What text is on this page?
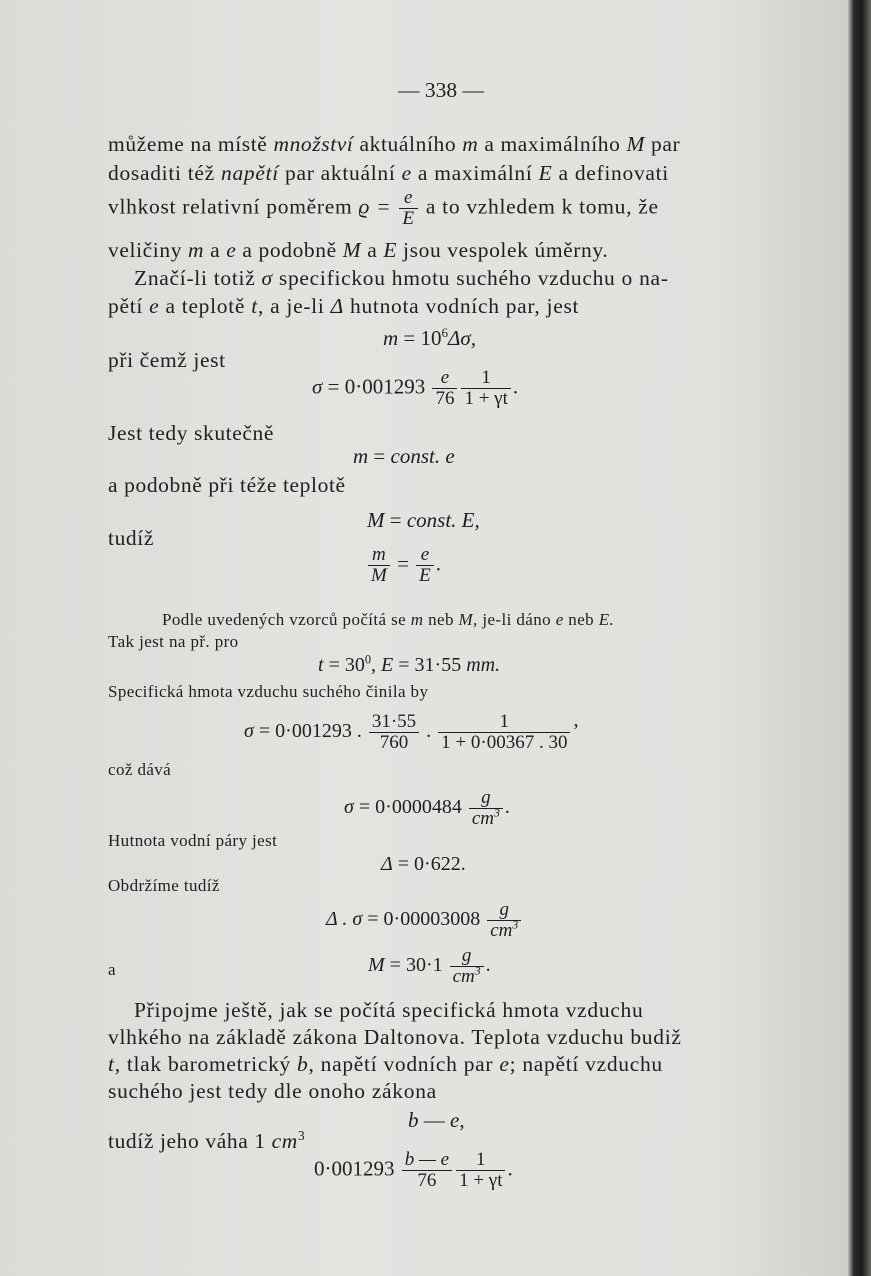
— 338 —
můžeme na místě množství aktuálního m a maximálního M par
dosaditi též napětí par aktuální e a maximální E a definovati
vlhkost relativní poměrem $ϱ = \frac{e}{E}$ a to vzhledem k tomu, že
veličiny m a e a podobně M a E jsou vespolek úměrny.
Značí-li totiž σ specifickou hmotu suchého vzduchu o na-
pětí e a teplotě t, a je-li Δ hutnota vodních par, jest
$m = 10^6\Delta\sigma$,
při čemž jest
$\sigma = 0\cdot 001293 \frac{e}{76} \frac{1}{1 + \gamma t}$ .
Jest tedy skutečně
m = const. e
a podobně při téže teplotě
M = const. E,
tudíž
$\frac{m}{M} = \frac{e}{E}$ .
Podle uvedených vzorců počítá se m neb M, je-li dáno e neb E.
Tak jest na př. pro
$t = 30^0$, E = 31·55 mm.
Specifická hmota vzduchu suchého činila by
σ = 0·001293 . $\frac{31\cdot 55}{760}$ . $\frac{1}{1 + 0\cdot 00367 . 30}$ ’
což dává
$\sigma = 0\cdot 0000484 \frac{g}{cm^3}$ .
Hutnota vodní páry jest
Δ = 0·622.
Obdržíme tudíž
Δ . $\sigma = 0\cdot 00003008 \frac{g}{cm^3}$
a	$M = 30\cdot 1 \frac{g}{cm^3}$ .
Připojme ještě, jak se počítá specifická hmota vzduchu
vlhkého na základě zákona Daltonova. Teplota vzduchu budiž
t, tlak barometrický b, napětí vodních par e; napětí vzduchu
suchého jest tedy dle onoho zákona
b — e,
tudíž jeho váha 1 $cm^3$
$0\cdot 001293 \frac{b — e}{76} \frac{1}{1 + \gamma t}$ .
